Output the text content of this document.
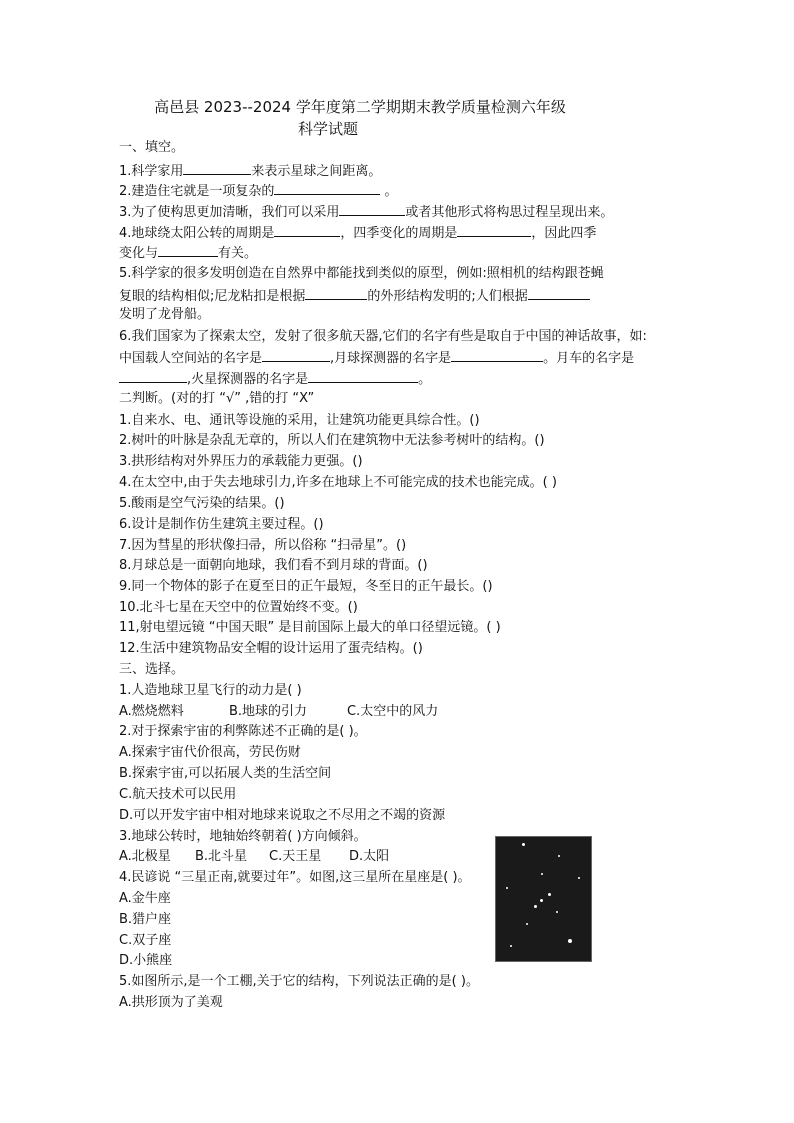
高邑县 2023--2024 学年度第二学期期末教学质量检测六年级
科学试题
一、填空。
1.科学家用	来表示星球之间距离。
2.建造住宅就是一项复杂的	。
3.为了使构思更加清晰，我们可以采用	或者其他形式将构思过程呈现出来。
4.地球绕太阳公转的周期是	，四季变化的周期是	，因此四季
变化与	有关。
5.科学家的很多发明创造在自然界中都能找到类似的原型，例如:照相机的结构跟苍蝇
复眼的结构相似;尼龙粘扣是根据	的外形结构发明的;人们根据
发明了龙骨船。
6.我们国家为了探索太空，发射了很多航天器,它们的名字有些是取自于中国的神话故事，如:
中国载人空间站的名字是	,月球探测器的名字是	。月车的名字是
,火星探测器的名字是	。
二判断。(对的打 “√” ,错的打 “X”
1.自来水、电、通讯等设施的采用，让建筑功能更具综合性。()
2.树叶的叶脉是杂乱无章的，所以人们在建筑物中无法参考树叶的结构。()
3.拱形结构对外界压力的承载能力更强。()
4.在太空中,由于失去地球引力,许多在地球上不可能完成的技术也能完成。( )
5.酸雨是空气污染的结果。()
6.设计是制作仿生建筑主要过程。()
7.因为彗星的形状像扫帚，所以俗称 “扫帚星”。()
8.月球总是一面朝向地球，我们看不到月球的背面。()
9.同一个物体的影子在夏至日的正午最短，冬至日的正午最长。()
10.北斗七星在天空中的位置始终不变。()
11,射电望远镜 “中国天眼” 是目前国际上最大的单口径望远镜。( )
12.生活中建筑物品安全帽的设计运用了蛋壳结构。()
三、选择。
1.人造地球卫星飞行的动力是( )
A.燃烧燃料	B.地球的引力	C.太空中的风力
2.对于探索宇宙的利弊陈述不正确的是( )。
A.探索宇宙代价很高，劳民伤财
B.探索宇宙,可以拓展人类的生活空间
C.航天技术可以民用
D.可以开发宇宙中相对地球来说取之不尽用之不竭的资源
3.地球公转时，地轴始终朝着( )方向倾斜。
A.北极星 B.北斗星 C.天王星 D.太阳
4.民谚说 “三星正南,就要过年”。如图,这三星所在星座是( )。
A.金牛座
B.猎户座
C.双子座
D.小熊座
5.如图所示,是一个工棚,关于它的结构，下列说法正确的是( )。
A.拱形顶为了美观
